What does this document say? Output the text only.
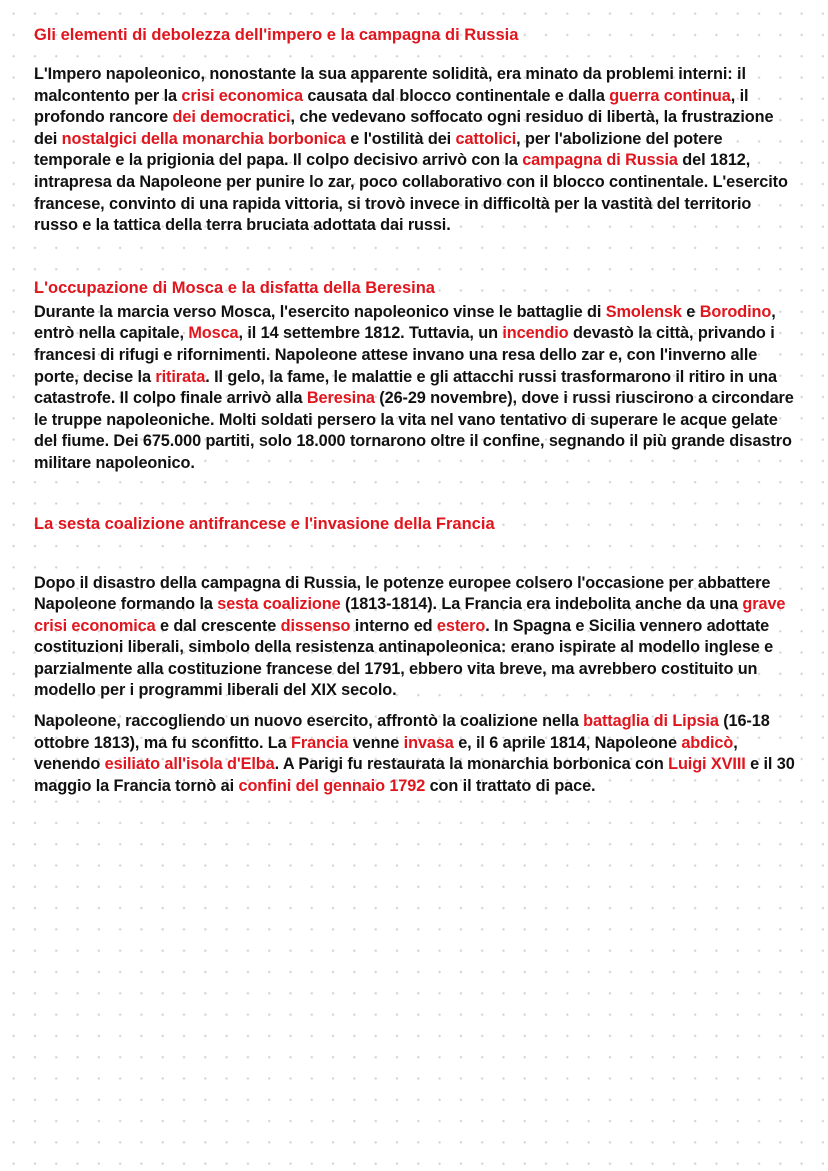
Gli elementi di debolezza dell'impero e la campagna di Russia

L'Impero napoleonico, nonostante la sua apparente solidità, era minato da problemi interni: il malcontento per la crisi economica causata dal blocco continentale e dalla guerra continua, il profondo rancore dei democratici, che vedevano soffocato ogni residuo di libertà, la frustrazione dei nostalgici della monarchia borbonica e l'ostilità dei cattolici, per l'abolizione del potere temporale e la prigionia del papa. Il colpo decisivo arrivò con la campagna di Russia del 1812, intrapresa da Napoleone per punire lo zar, poco collaborativo con il blocco continentale. L'esercito francese, convinto di una rapida vittoria, si trovò invece in difficoltà per la vastità del territorio russo e la tattica della terra bruciata adottata dai russi.

L'occupazione di Mosca e la disfatta della Beresina

Durante la marcia verso Mosca, l'esercito napoleonico vinse le battaglie di Smolensk e Borodino, entrò nella capitale, Mosca, il 14 settembre 1812. Tuttavia, un incendio devastò la città, privando i francesi di rifugi e rifornimenti. Napoleone attese invano una resa dello zar e, con l'inverno alle porte, decise la ritirata. Il gelo, la fame, le malattie e gli attacchi russi trasformarono il ritiro in una catastrofe. Il colpo finale arrivò alla Beresina (26-29 novembre), dove i russi riuscirono a circondare le truppe napoleoniche. Molti soldati persero la vita nel vano tentativo di superare le acque gelate del fiume. Dei 675.000 partiti, solo 18.000 tornarono oltre il confine, segnando il più grande disastro militare napoleonico.

La sesta coalizione antifrancese e l'invasione della Francia

Dopo il disastro della campagna di Russia, le potenze europee colsero l'occasione per abbattere Napoleone formando la sesta coalizione (1813-1814). La Francia era indebolita anche da una grave crisi economica e dal crescente dissenso interno ed estero. In Spagna e Sicilia vennero adottate costituzioni liberali, simbolo della resistenza antinapoleonica: erano ispirate al modello inglese e parzialmente alla costituzione francese del 1791, ebbero vita breve, ma avrebbero costituito un modello per i programmi liberali del XIX secolo.

Napoleone, raccogliendo un nuovo esercito, affrontò la coalizione nella battaglia di Lipsia (16-18 ottobre 1813), ma fu sconfitto. La Francia venne invasa e, il 6 aprile 1814, Napoleone abdicò, venendo esiliato all'isola d'Elba. A Parigi fu restaurata la monarchia borbonica con Luigi XVIII e il 30 maggio la Francia tornò ai confini del gennaio 1792 con il trattato di pace.
